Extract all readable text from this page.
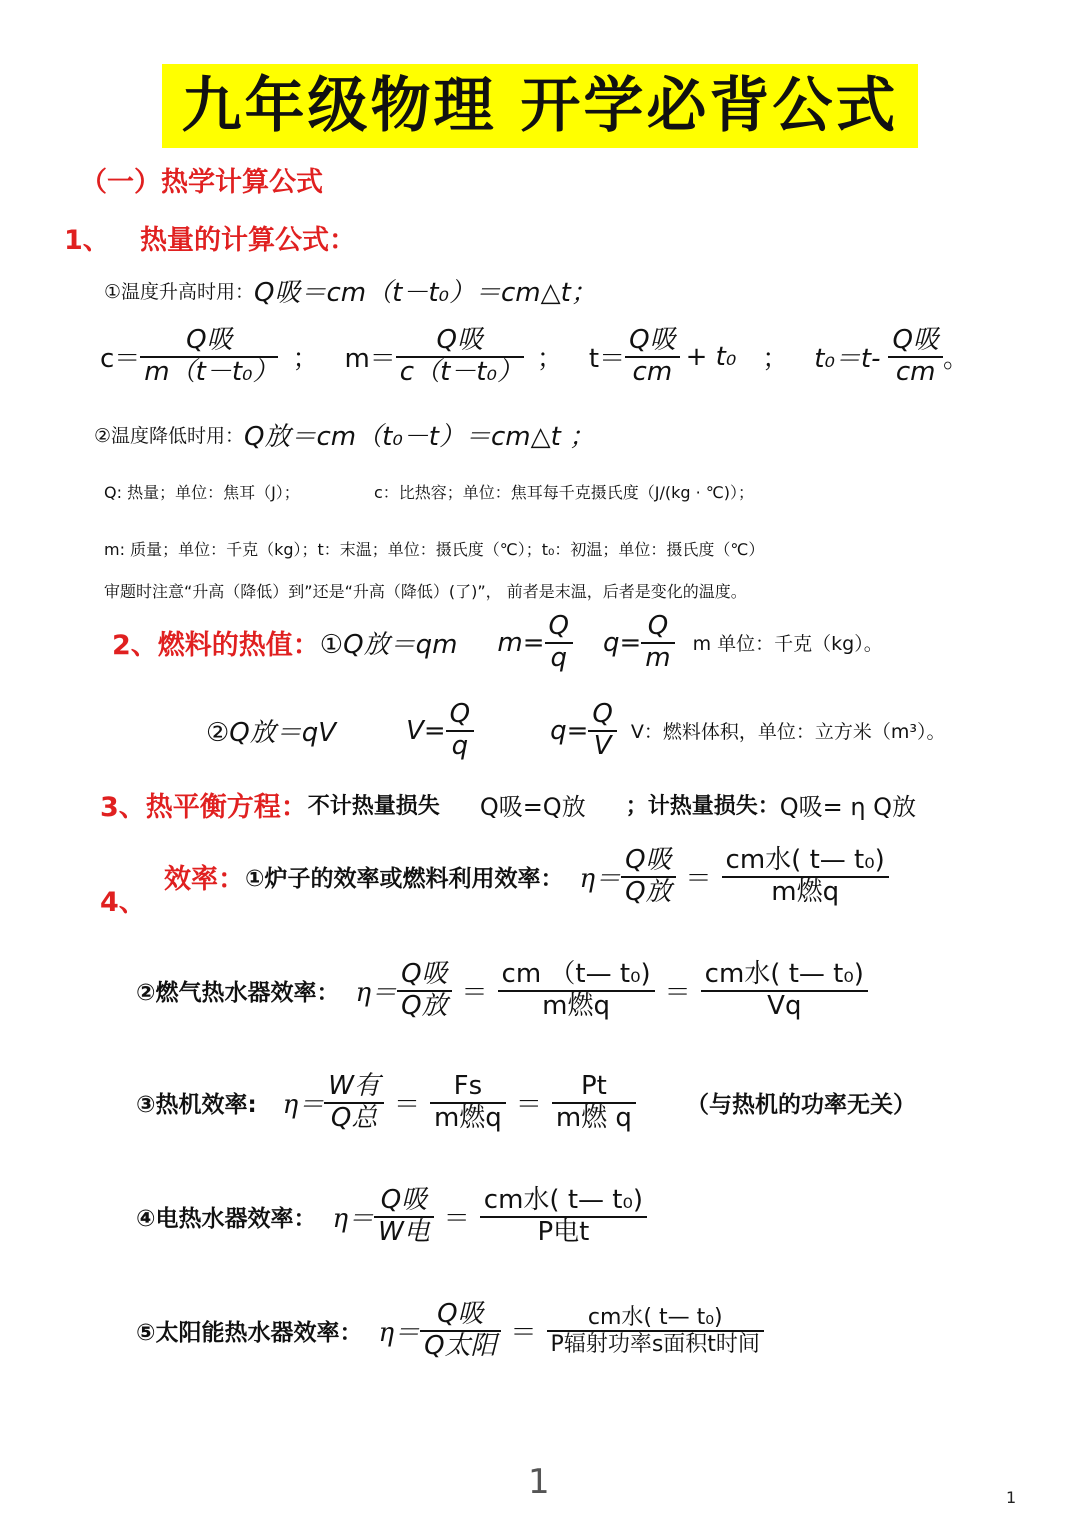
九年级物理 开学必背公式
（一）热学计算公式
1、 热量的计算公式：
①温度升高时用： Q吸＝cm（t－t₀）＝cm△t；
$c= \frac{\text{Q吸}}{\text{m（t－t₀）}}$ ； $m= \frac{\text{Q吸}}{\text{c（t－t₀）}}$ ； $t= \frac{\text{Q吸}}{cm} + t_0$ ； $t_0=t- \frac{\text{Q吸}}{cm}$ 。
②温度降低时用： Q放＝cm（t₀－t）＝cm△t ；
Q: 热量；单位：焦耳（J）；	c：比热容；单位：焦耳每千克摄氏度（J/(kg · ℃)）；
m: 质量；单位：千克（kg）；t：末温；单位：摄氏度（℃）；t₀：初温；单位：摄氏度（℃）
审题时注意“升高（降低）到”还是“升高（降低）(了)”， 前者是末温，后者是变化的温度。
2、燃料的热值： ①Q放＝qm $m= \frac{Q}{q} q= \frac{Q}{m}$ m 单位：千克（kg）。
②Q放＝qV	$V= \frac{Q}{q}$	$q= \frac{Q}{V}$ V：燃料体积，单位：立方米（m³）。
3、热平衡方程： 不计热量损失 Q吸=Q放 ；计热量损失： Q吸= η Q放
4、
效率： ①炉子的效率或燃料利用效率： $\eta= \frac{\text{Q吸}}{\text{Q放}} = \frac{\text{cm水( t— t₀)}}{\text{m燃q}}$
②燃气热水器效率： $\eta= \frac{\text{Q吸}}{\text{Q放}} = \frac{\text{cm （t— t₀)}}{\text{m燃q}} = \frac{\text{cm水( t— t₀)}}{Vq}$
③热机效率: $\eta= \frac{\text{W有}}{\text{Q总}} = \frac{Fs}{\text{m燃q}} = \frac{Pt}{\text{m燃 q}}$ （与热机的功率无关）
④电热水器效率： $\eta= \frac{\text{Q吸}}{\text{W电}} = \frac{\text{cm水( t— t₀)}}{\text{P电t}}$
⑤太阳能热水器效率： $\eta= \frac{\text{Q吸}}{\text{Q太阳}} = \frac{\text{cm水( t— t₀)}}{\text{P辐射功率s面积t时间}}$
1	1
